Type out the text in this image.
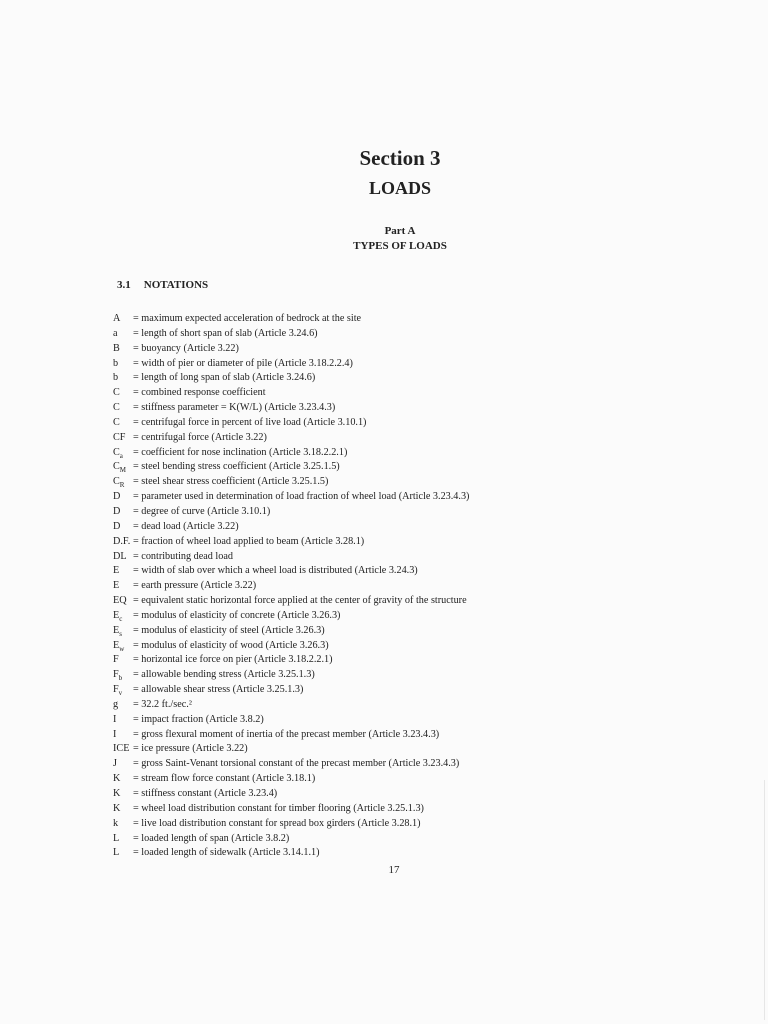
Section 3
LOADS
Part A
TYPES OF LOADS
3.1 NOTATIONS
A	= maximum expected acceleration of bedrock at the site
a	= length of short span of slab (Article 3.24.6)
B	= buoyancy (Article 3.22)
b	= width of pier or diameter of pile (Article 3.18.2.2.4)
b	= length of long span of slab (Article 3.24.6)
C	= combined response coefficient
C	= stiffness parameter = K(W/L) (Article 3.23.4.3)
C	= centrifugal force in percent of live load (Article 3.10.1)
CF = centrifugal force (Article 3.22)
$C_a$ = coefficient for nose inclination (Article 3.18.2.2.1)
$C_M$ = steel bending stress coefficient (Article 3.25.1.5)
$C_R$ = steel shear stress coefficient (Article 3.25.1.5)
D	= parameter used in determination of load fraction of wheel load (Article 3.23.4.3)
D	= degree of curve (Article 3.10.1)
D	= dead load (Article 3.22)
D.F. = fraction of wheel load applied to beam (Article 3.28.1)
DL = contributing dead load
E	= width of slab over which a wheel load is distributed (Article 3.24.3)
E	= earth pressure (Article 3.22)
EQ = equivalent static horizontal force applied at the center of gravity of the structure
$E_c$	= modulus of elasticity of concrete (Article 3.26.3)
$E_s$	= modulus of elasticity of steel (Article 3.26.3)
$E_w$ = modulus of elasticity of wood (Article 3.26.3)
F	= horizontal ice force on pier (Article 3.18.2.2.1)
$F_b$	= allowable bending stress (Article 3.25.1.3)
$F_v$	= allowable shear stress (Article 3.25.1.3)
g	= 32.2 ft./sec.²
I	= impact fraction (Article 3.8.2)
I	= gross flexural moment of inertia of the precast member (Article 3.23.4.3)
ICE = ice pressure (Article 3.22)
J	= gross Saint-Venant torsional constant of the precast member (Article 3.23.4.3)
K	= stream flow force constant (Article 3.18.1)
K	= stiffness constant (Article 3.23.4)
K	= wheel load distribution constant for timber flooring (Article 3.25.1.3)
k	= live load distribution constant for spread box girders (Article 3.28.1)
L	= loaded length of span (Article 3.8.2)
L	= loaded length of sidewalk (Article 3.14.1.1)
17
